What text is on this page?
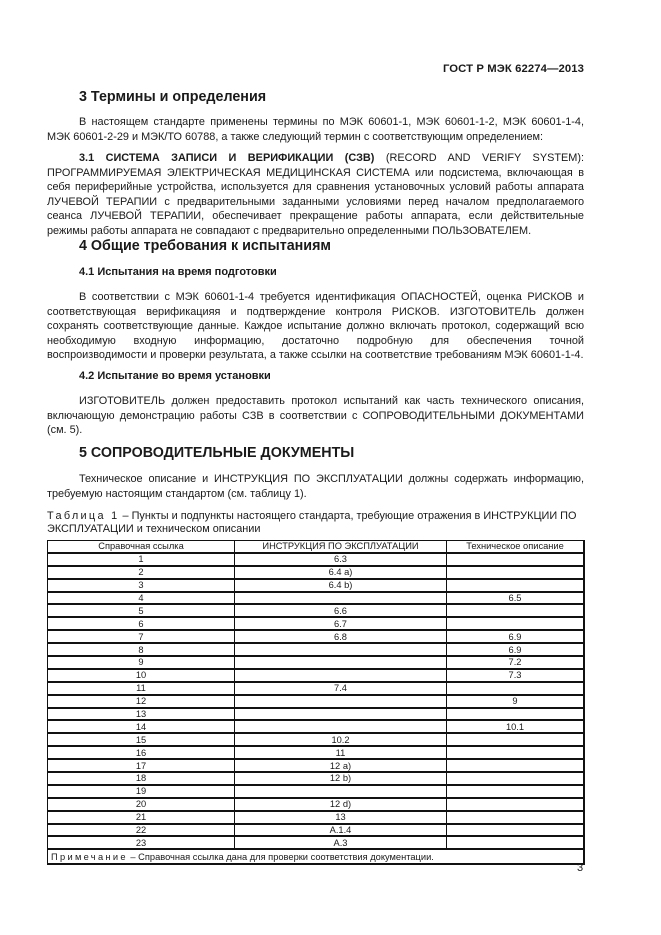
ГОСТ Р МЭК 62274—2013
3 Термины и определения
В настоящем стандарте применены термины по МЭК 60601-1, МЭК 60601-1-2, МЭК 60601-1-4, МЭК 60601-2-29 и МЭК/ТО 60788, а также следующий термин с соответствующим определением:
3.1 СИСТЕМА ЗАПИСИ И ВЕРИФИКАЦИИ (СЗВ) (RECORD AND VERIFY SYSTEM): ПРОГРАММИРУЕМАЯ ЭЛЕКТРИЧЕСКАЯ МЕДИЦИНСКАЯ СИСТЕМА или подсистема, включающая в себя периферийные устройства, используется для сравнения установочных условий работы аппарата ЛУЧЕВОЙ ТЕРАПИИ с предварительными заданными условиями перед началом предполагаемого сеанса ЛУЧЕВОЙ ТЕРАПИИ, обеспечивает прекращение работы аппарата, если действительные режимы работы аппарата не совпадают с предварительно определенными ПОЛЬЗОВАТЕЛЕМ.
4 Общие требования к испытаниям
4.1 Испытания на время подготовки
В соответствии с МЭК 60601-1-4 требуется идентификация ОПАСНОСТЕЙ, оценка РИСКОВ и соответствующая верификацияя и подтверждение контроля РИСКОВ. ИЗГОТОВИТЕЛЬ должен сохранять соответствующие данные. Каждое испытание должно включать протокол, содержащий всю необходимую входную информацию, достаточно подробную для обеспечения точной воспроизводимости и проверки результата, а также ссылки на соответствие требованиям МЭК 60601-1-4.
4.2 Испытание во время установки
ИЗГОТОВИТЕЛЬ должен предоставить протокол испытаний как часть технического описания, включающую демонстрацию работы СЗВ в соответствии с СОПРОВОДИТЕЛЬНЫМИ ДОКУМЕНТАМИ (см. 5).
5 СОПРОВОДИТЕЛЬНЫЕ ДОКУМЕНТЫ
Техническое описание и ИНСТРУКЦИЯ ПО ЭКСПЛУАТАЦИИ должны содержать информацию, требуемую настоящим стандартом (см. таблицу 1).
Таблица 1 – Пункты и подпункты настоящего стандарта, требующие отражения в ИНСТРУКЦИИ ПО ЭКСПЛУАТАЦИИ и техническом описании
Справочная ссылка	ИНСТРУКЦИЯ ПО ЭКСПЛУАТАЦИИ	Техническое описание
1	6.3	
2	6.4 a)	
3	6.4 b)	
4		6.5
5	6.6	
6	6.7	
7	6.8	6.9
8		6.9
9		7.2
10		7.3
11	7.4	
12		9
13		
14		10.1
15	10.2	
16	11	
17	12 a)	
18	12 b)	
19		
20	12 d)	
21	13	
22	A.1.4	
23	A.3	
Примечание – Справочная ссылка дана для проверки соответствия документации.		
3
